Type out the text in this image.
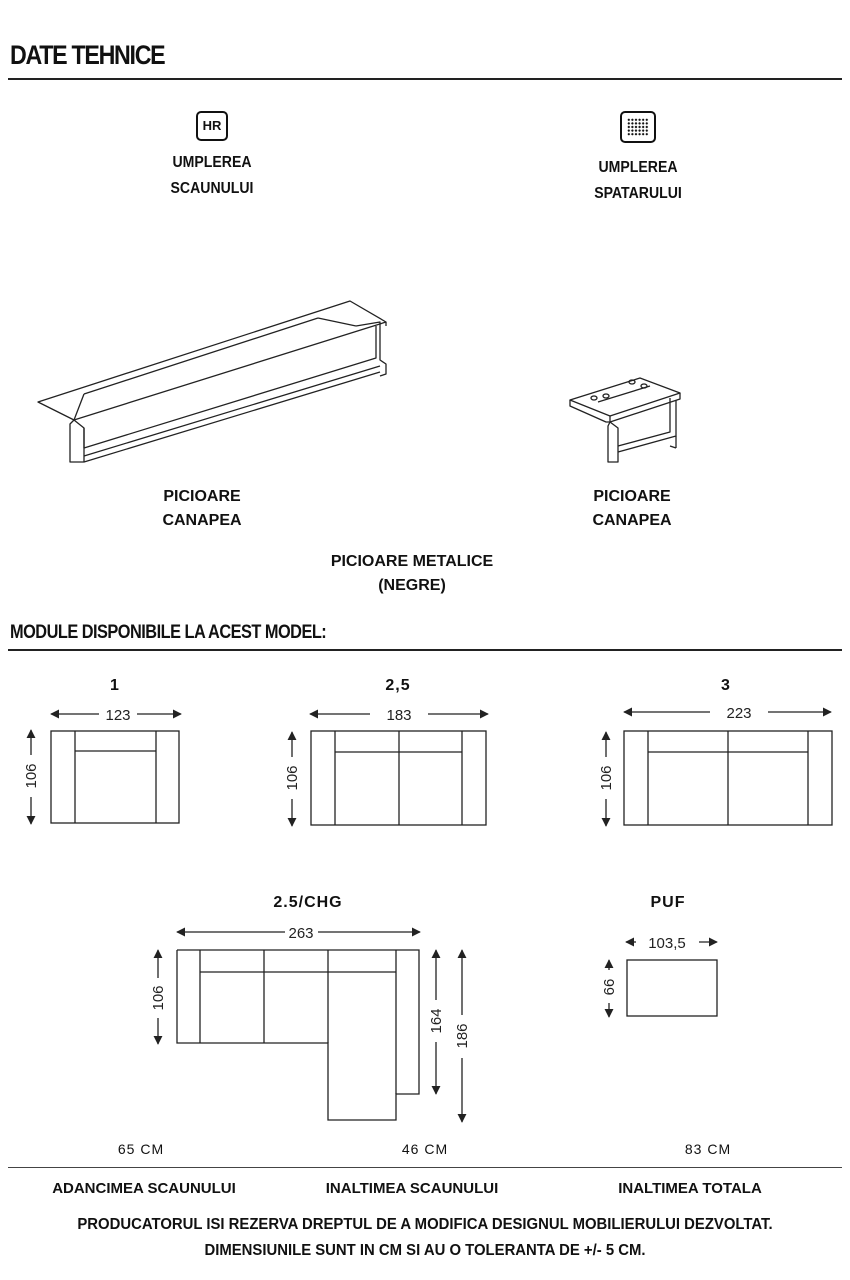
DATE TEHNICE
HR
UMPLEREA
SCAUNULUI
UMPLEREA
SPATARULUI
PICIOARE
CANAPEA
PICIOARE
CANAPEA
PICIOARE METALICE
(NEGRE)
MODULE DISPONIBILE LA ACEST MODEL:
1	2,5	3
2.5/CHG	PUF
123
106
183
106
223
106
263
106
164
186
103,5
66
65 CM	46 CM	83 CM
ADANCIMEA SCAUNULUI	INALTIMEA SCAUNULUI	INALTIMEA TOTALA
PRODUCATORUL ISI REZERVA DREPTUL DE A MODIFICA DESIGNUL MOBILIERULUI DEZVOLTAT.
DIMENSIUNILE SUNT IN CM SI AU O TOLERANTA DE +/- 5 CM.
